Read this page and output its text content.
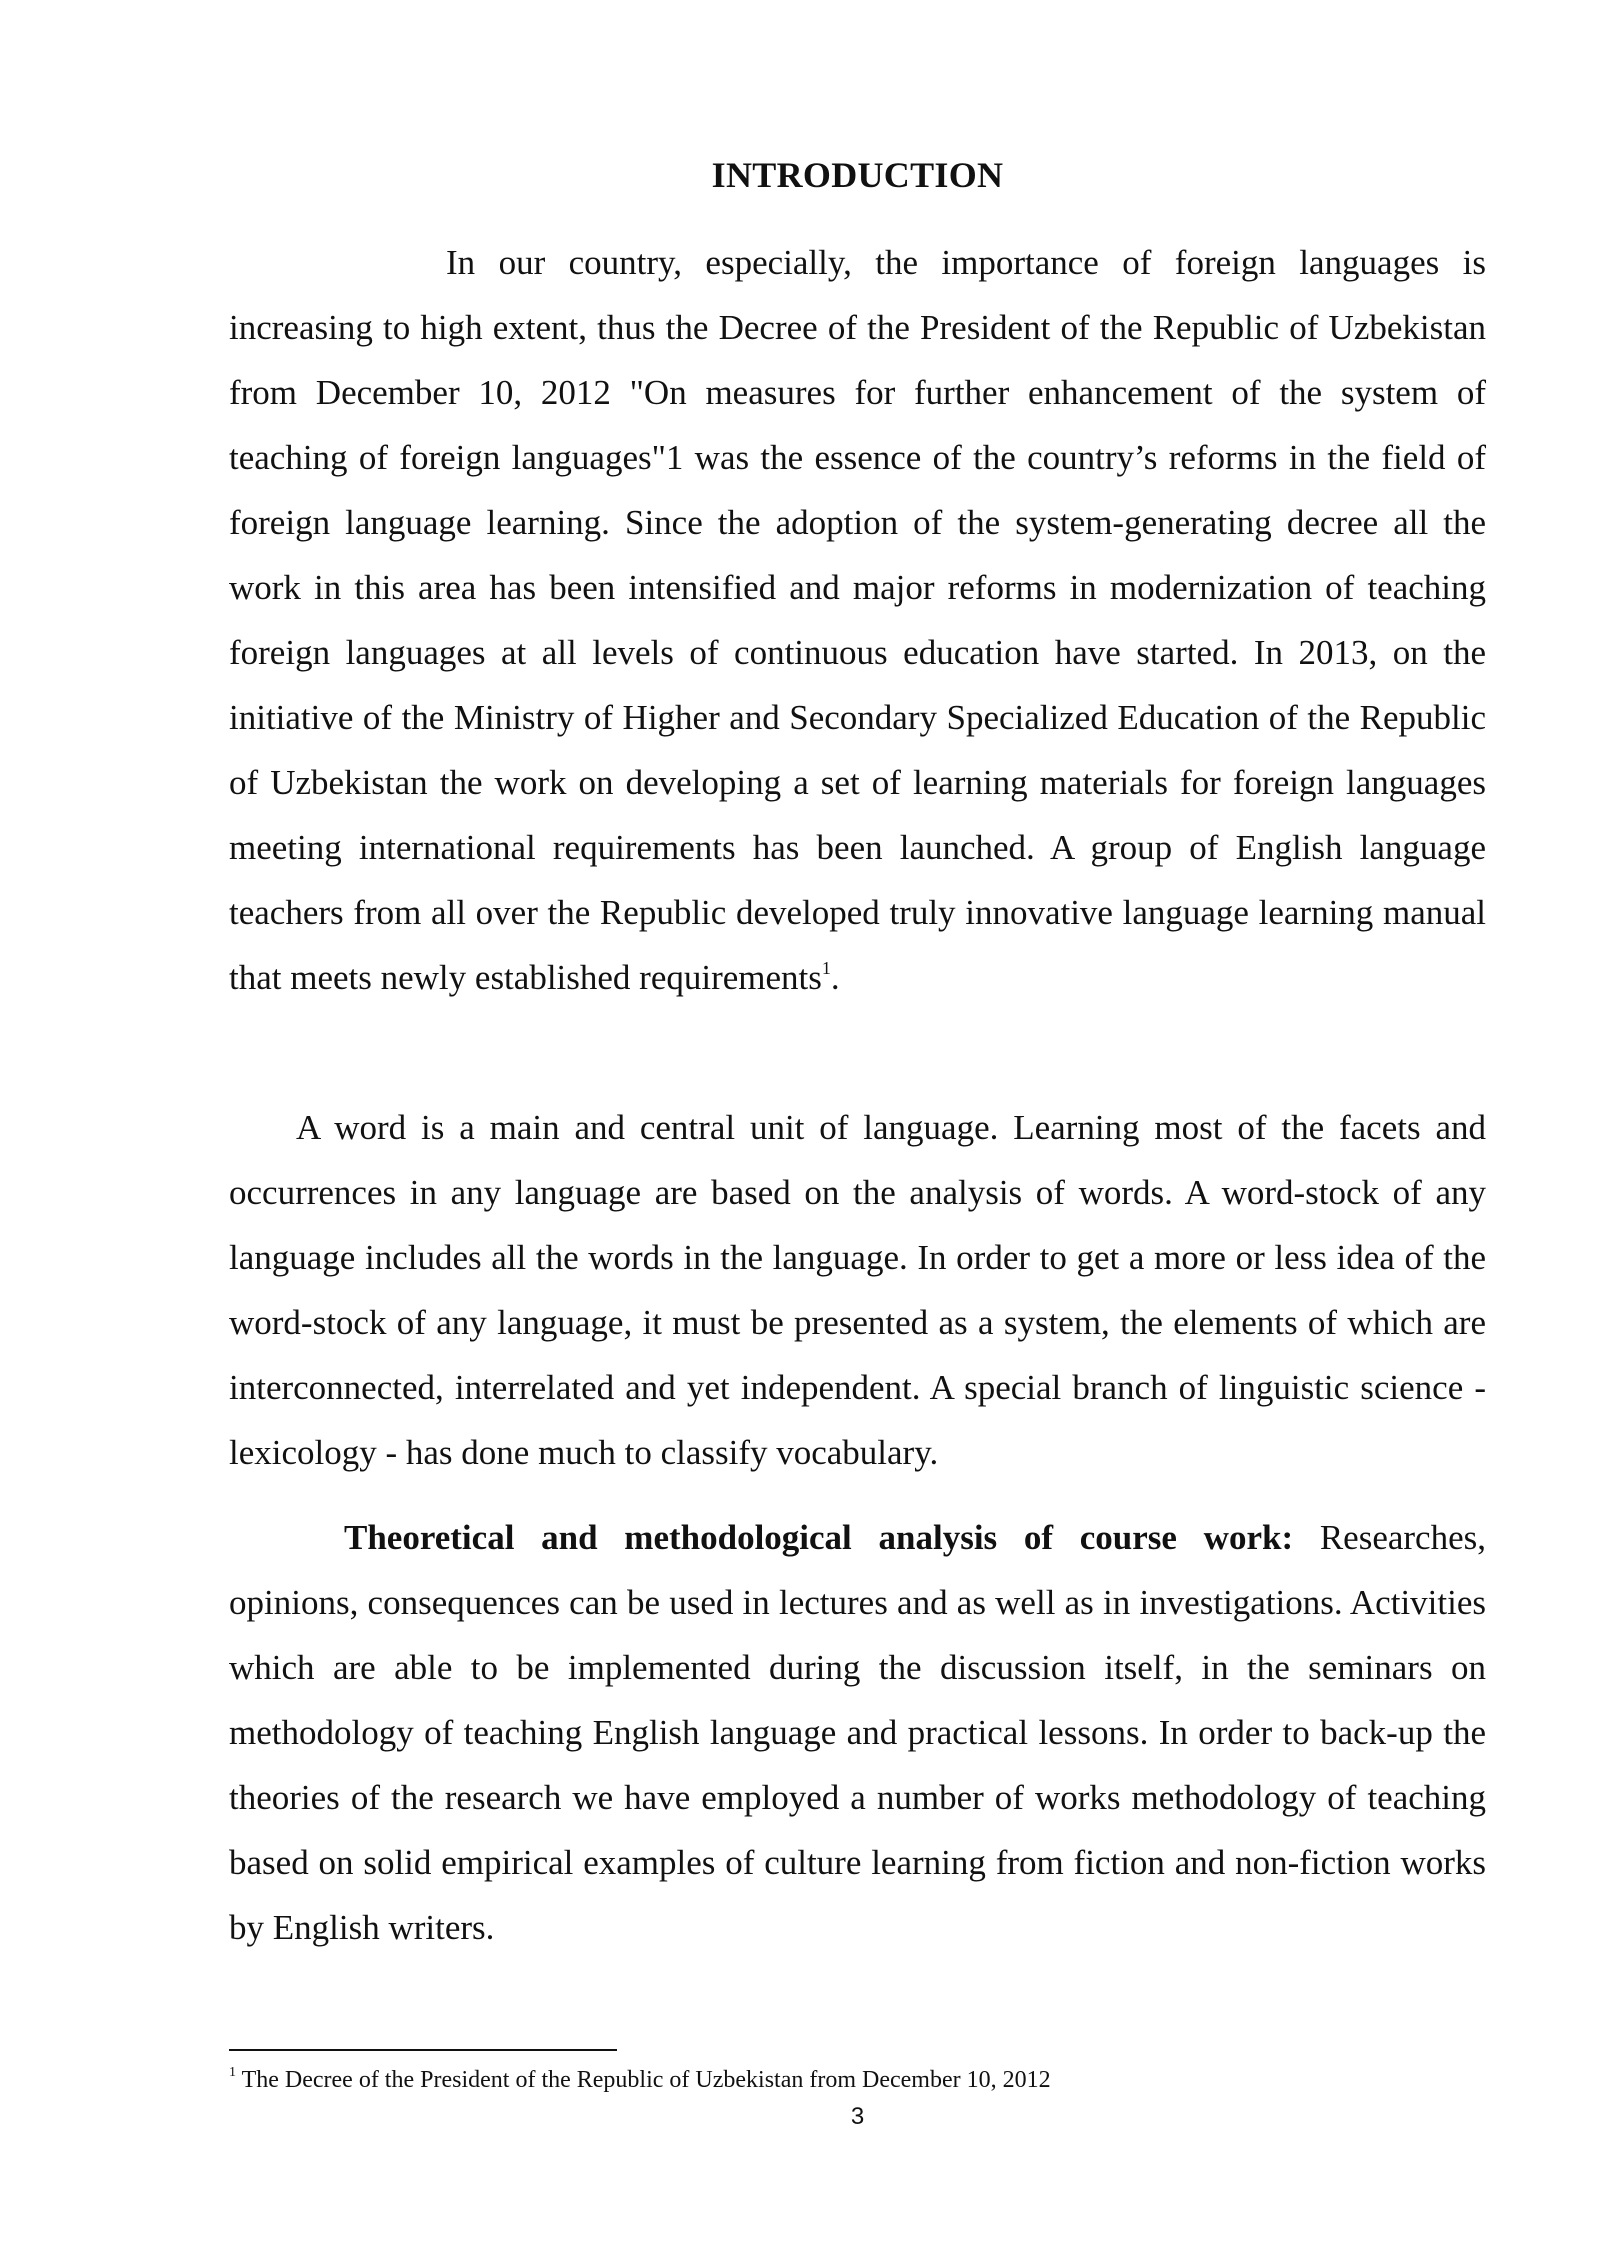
INTRODUCTION

In our country, especially, the importance of foreign languages is increasing to high extent, thus the Decree of the President of the Republic of Uzbekistan from December 10, 2012 "On measures for further enhancement of the system of teaching of foreign languages"1 was the essence of the country’s reforms in the field of foreign language learning. Since the adoption of the system-generating decree all the work in this area has been intensified and major reforms in modernization of teaching foreign languages at all levels of continuous education have started. In 2013, on the initiative of the Ministry of Higher and Secondary Specialized Education of the Republic of Uzbekistan the work on developing a set of learning materials for foreign languages meeting international requirements has been launched. A group of English language teachers from all over the Republic developed truly innovative language learning manual that meets newly established requirements$^1$.

A word is a main and central unit of language. Learning most of the facets and occurrences in any language are based on the analysis of words. A word-stock of any language includes all the words in the language. In order to get a more or less idea of the word-stock of any language, it must be presented as a system, the elements of which are interconnected, interrelated and yet independent. A special branch of linguistic science - lexicology - has done much to classify vocabulary.

Theoretical and methodological analysis of course work: Researches, opinions, consequences can be used in lectures and as well as in investigations. Activities which are able to be implemented during the discussion itself, in the seminars on methodology of teaching English language and practical lessons. In order to back-up the theories of the research we have employed a number of works methodology of teaching based on solid empirical examples of culture learning from fiction and non-fiction works by English writers.

$^1$ The Decree of the President of the Republic of Uzbekistan from December 10, 2012

3
